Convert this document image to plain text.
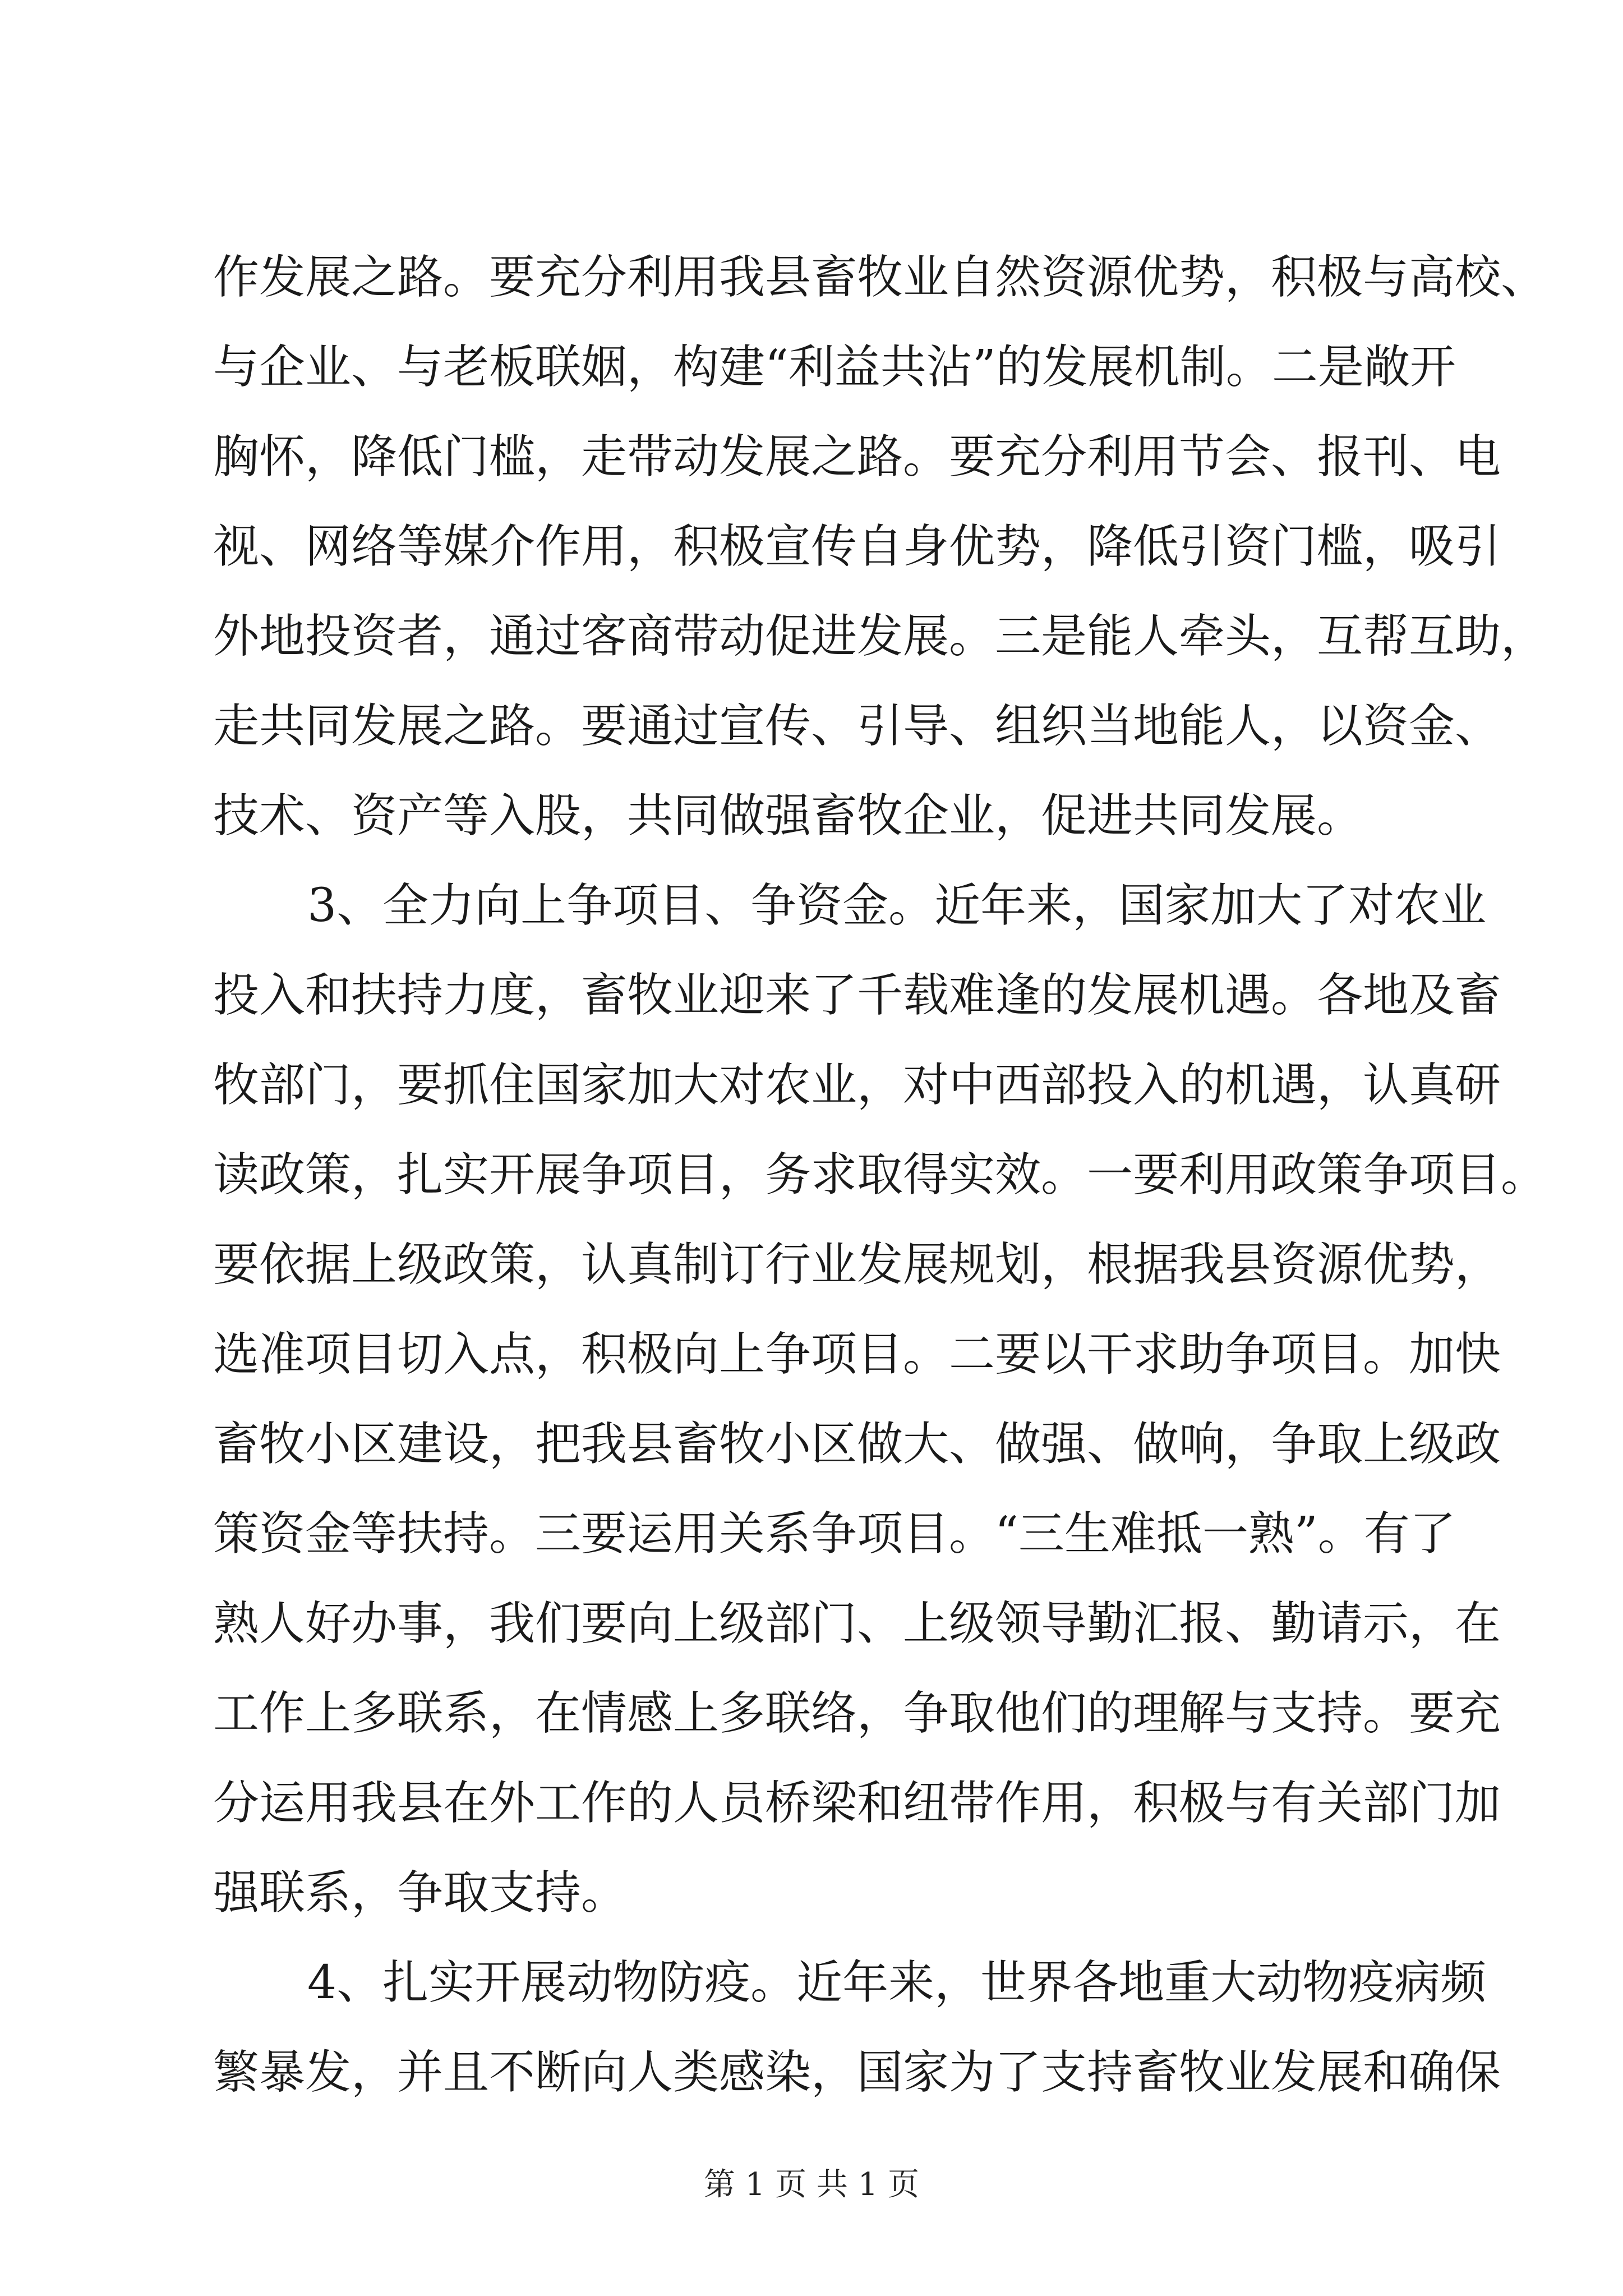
作发展之路。要充分利用我县畜牧业自然资源优势，积极与高校、
与企业、与老板联姻，构建“利益共沾”的发展机制。二是敞开
胸怀，降低门槛，走带动发展之路。要充分利用节会、报刊、电
视、网络等媒介作用，积极宣传自身优势，降低引资门槛，吸引
外地投资者，通过客商带动促进发展。三是能人牵头，互帮互助，
走共同发展之路。要通过宣传、引导、组织当地能人，以资金、
技术、资产等入股，共同做强畜牧企业，促进共同发展。
3、全力向上争项目、争资金。近年来，国家加大了对农业
投入和扶持力度，畜牧业迎来了千载难逢的发展机遇。各地及畜
牧部门，要抓住国家加大对农业，对中西部投入的机遇，认真研
读政策，扎实开展争项目，务求取得实效。一要利用政策争项目。
要依据上级政策，认真制订行业发展规划，根据我县资源优势，
选准项目切入点，积极向上争项目。二要以干求助争项目。加快
畜牧小区建设，把我县畜牧小区做大、做强、做响，争取上级政
策资金等扶持。三要运用关系争项目。“三生难抵一熟”。有了
熟人好办事，我们要向上级部门、上级领导勤汇报、勤请示，在
工作上多联系，在情感上多联络，争取他们的理解与支持。要充
分运用我县在外工作的人员桥梁和纽带作用，积极与有关部门加
强联系，争取支持。
4、扎实开展动物防疫。近年来，世界各地重大动物疫病频
繁暴发，并且不断向人类感染，国家为了支持畜牧业发展和确保
第 1 页 共 1 页
